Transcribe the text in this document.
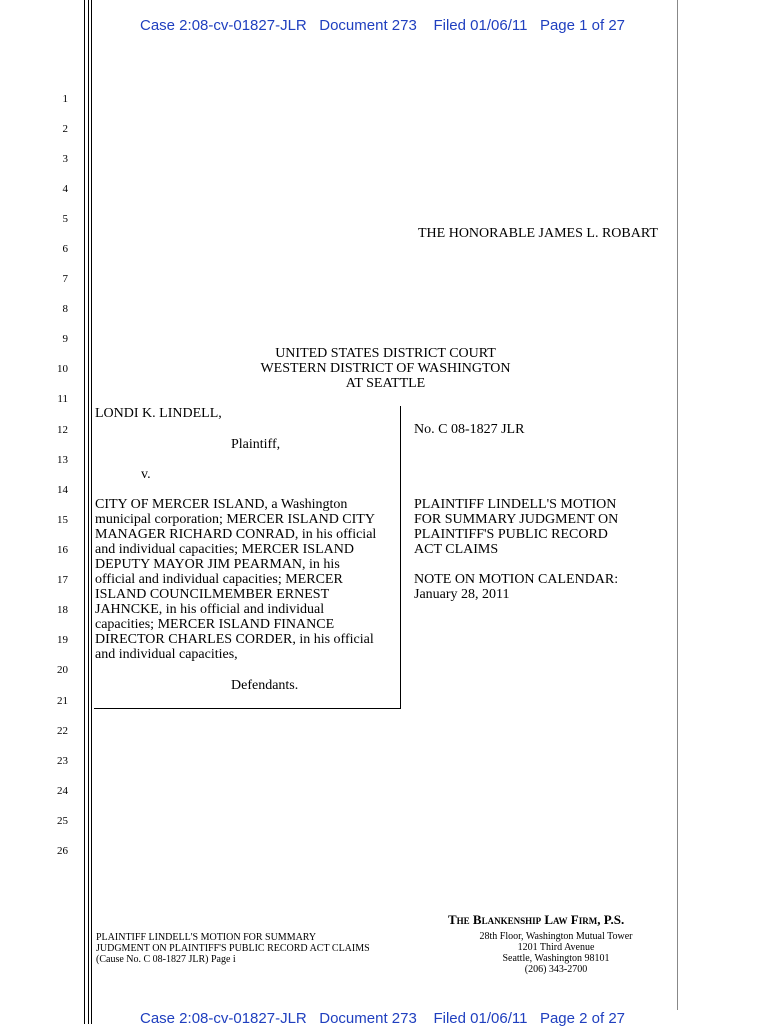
Case 2:08-cv-01827-JLR   Document 273    Filed 01/06/11   Page 1 of 27
Case 2:08-cv-01827-JLR   Document 273    Filed 01/06/11   Page 2 of 27
1
2
3
4
5
6
7
8
9
10
11
12
13
14
15
16
17
18
19
20
21
22
23
24
25
26
THE HONORABLE JAMES L. ROBART
UNITED STATES DISTRICT COURT
WESTERN DISTRICT OF WASHINGTON
AT SEATTLE
LONDI K. LINDELL,
Plaintiff,
v.
CITY OF MERCER ISLAND, a Washington
municipal corporation; MERCER ISLAND CITY
MANAGER RICHARD CONRAD, in his official
and individual capacities; MERCER ISLAND
DEPUTY MAYOR JIM PEARMAN, in his
official and individual capacities; MERCER
ISLAND COUNCILMEMBER ERNEST
JAHNCKE, in his official and individual
capacities; MERCER ISLAND FINANCE
DIRECTOR CHARLES CORDER, in his official
and individual capacities,
Defendants.
No. C 08-1827 JLR
PLAINTIFF LINDELL'S MOTION
FOR SUMMARY JUDGMENT ON
PLAINTIFF'S PUBLIC RECORD
ACT CLAIMS
NOTE ON MOTION CALENDAR:
January 28, 2011
PLAINTIFF LINDELL'S MOTION FOR SUMMARY
JUDGMENT ON PLAINTIFF'S PUBLIC RECORD ACT CLAIMS
(Cause No. C 08-1827 JLR) Page i
The Blankenship Law Firm, P.S.
28th Floor, Washington Mutual Tower
1201 Third Avenue
Seattle, Washington 98101
(206) 343-2700
